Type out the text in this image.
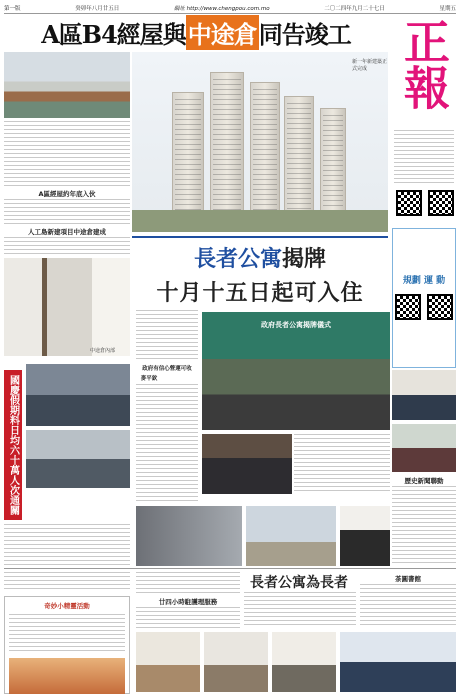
第一版	癸卯年八月廿五日	網址 http://www.chengpou.com.mo	二〇二四年九月二十七日	星期五
A區B4經屋與 中途倉 同告竣工 正報
A區經屋約年底入伙
人工島新建項目中途倉建成
中途倉內部
新一年新建築正式完成
長者公寓揭牌
十月十五日起可入住
政府有信心營運可收
麥平欽
政府長者公寓揭牌儀式
規劃 運 動
國慶假期料日均六十萬人次通關	歷史新聞聯動
廿四小時駐護理服務
長者公寓為長者	茶圓書館
奇妙小精靈活動
